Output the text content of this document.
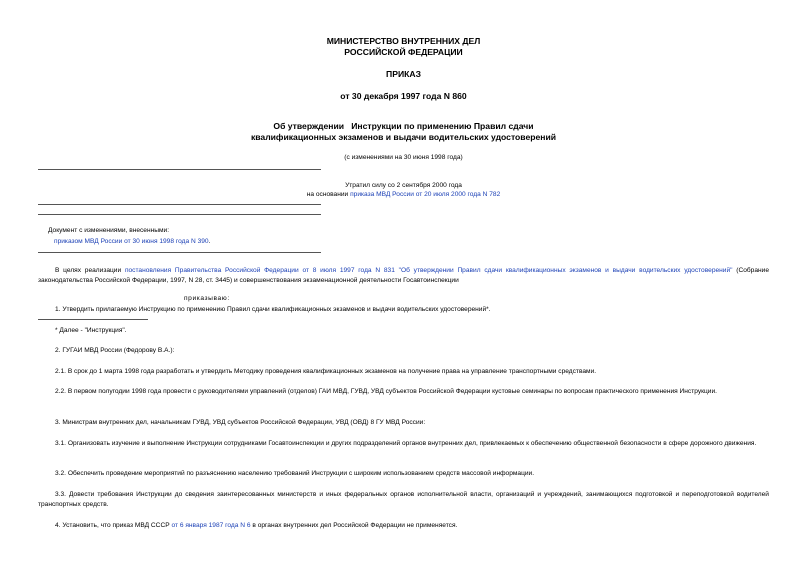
МИНИСТЕРСТВО ВНУТРЕННИХ ДЕЛ
РОССИЙСКОЙ ФЕДЕРАЦИИ
ПРИКАЗ
от 30 декабря 1997 года N 860
Об утверждении   Инструкции по применению Правил сдачи
квалификационных экзаменов и выдачи водительских удостоверений
(с изменениями на 30 июня 1998 года)
Утратил силу со 2 сентября 2000 года
на основании приказа МВД России от 20 июля 2000 года N 782
Документ с изменениями, внесенными:
приказом МВД России от 30 июня 1998 года N 390.
В целях реализации постановления Правительства Российской Федерации от 8 июля 1997 года N 831 "Об утверждении Правил сдачи квалификационных экзаменов и выдачи водительских удостоверений" (Собрание законодательства Российской Федерации, 1997, N 28, ст. 3445) и совершенствования экзаменационной деятельности Госавтоинспекции
приказываю:
1. Утвердить прилагаемую Инструкцию по применению Правил сдачи квалификационных экзаменов и выдачи водительских удостоверений*.
* Далее - "Инструкция".
2. ГУГАИ МВД России (Федорову В.А.):
2.1. В срок до 1 марта 1998 года разработать и утвердить Методику проведения квалификационных экзаменов на получение права на управление транспортными средствами.
2.2. В первом полугодии 1998 года провести с руководителями управлений (отделов) ГАИ МВД, ГУВД, УВД субъектов Российской Федерации кустовые семинары по вопросам практического применения Инструкции.
3. Министрам внутренних дел, начальникам ГУВД, УВД субъектов Российской Федерации, УВД (ОВД) 8 ГУ МВД России:
3.1. Организовать изучение и выполнение Инструкции сотрудниками Госавтоинспекции и других подразделений органов внутренних дел, привлекаемых к обеспечению общественной безопасности в сфере дорожного движения.
3.2. Обеспечить проведение мероприятий по разъяснению населению требований Инструкции с широким использованием средств массовой информации.
3.3. Довести требования Инструкции до сведения заинтересованных министерств и иных федеральных органов исполнительной власти, организаций и учреждений, занимающихся подготовкой и переподготовкой водителей транспортных средств.
4. Установить, что приказ МВД СССР от 6 января 1987 года N 6 в органах внутренних дел Российской Федерации не применяется.
